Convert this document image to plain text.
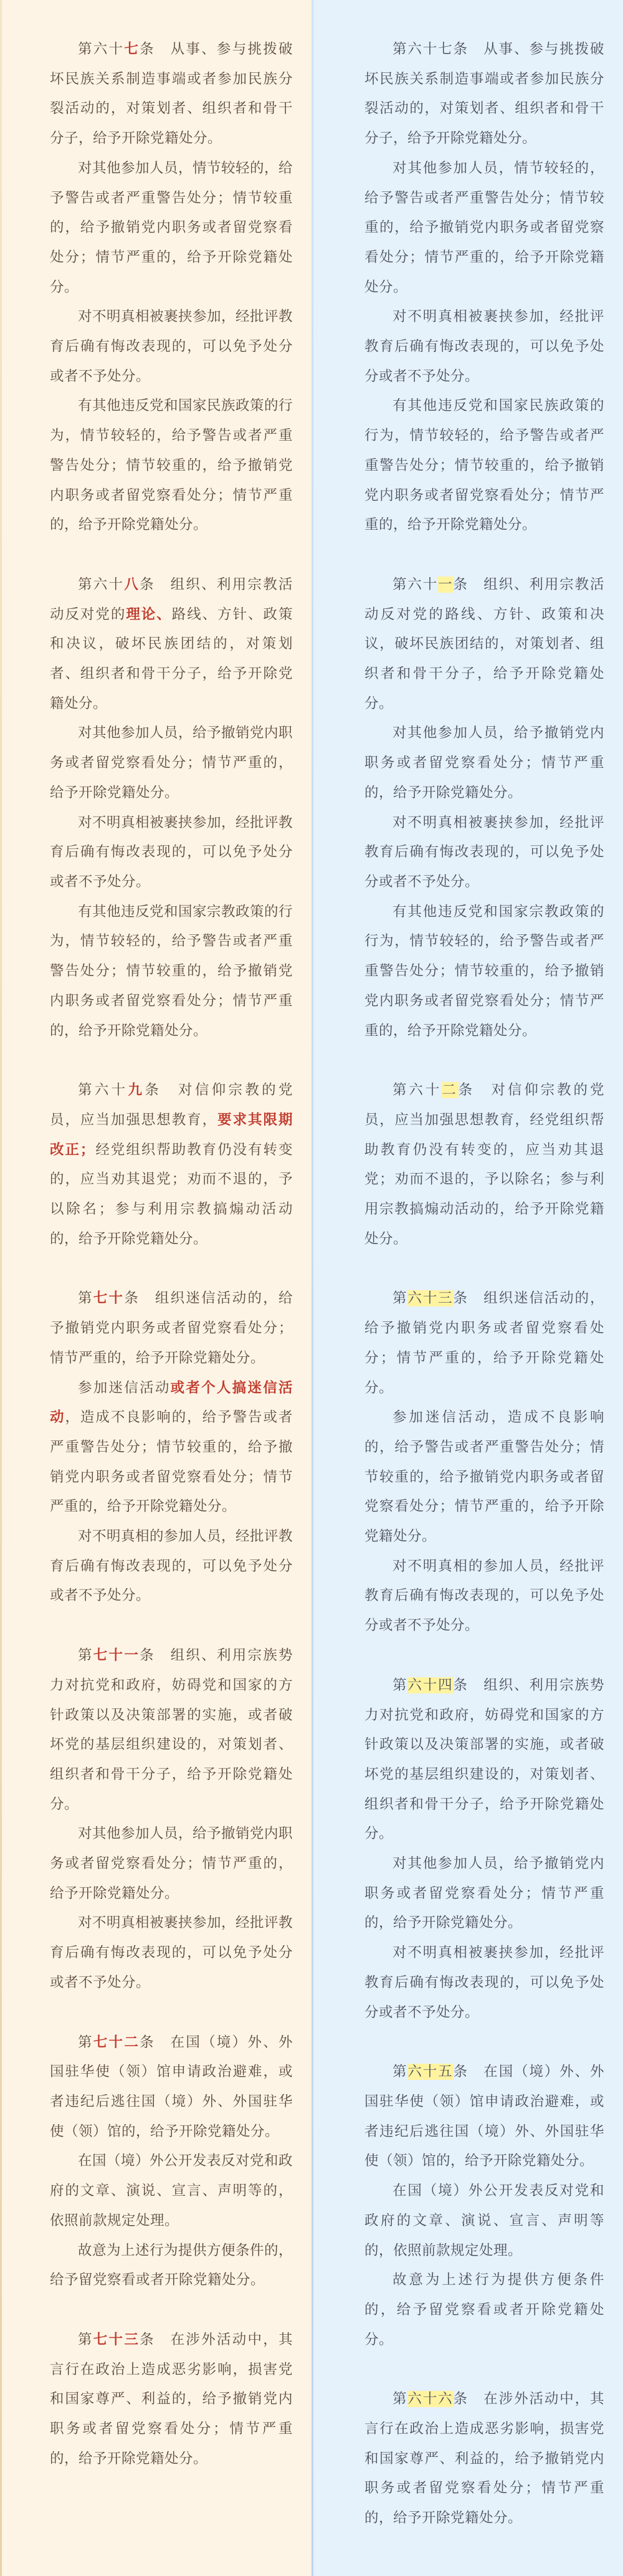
第六十七条　从事、参与挑拨破坏民族关系制造事端或者参加民族分裂活动的，对策划者、组织者和骨干分子，给予开除党籍处分。

对其他参加人员，情节较轻的，给予警告或者严重警告处分；情节较重的，给予撤销党内职务或者留党察看处分；情节严重的，给予开除党籍处分。

对不明真相被裹挟参加，经批评教育后确有悔改表现的，可以免予处分或者不予处分。

有其他违反党和国家民族政策的行为，情节较轻的，给予警告或者严重警告处分；情节较重的，给予撤销党内职务或者留党察看处分；情节严重的，给予开除党籍处分。

第六十八条　组织、利用宗教活动反对党的理论、路线、方针、政策和决议，破坏民族团结的，对策划者、组织者和骨干分子，给予开除党籍处分。

对其他参加人员，给予撤销党内职务或者留党察看处分；情节严重的，给予开除党籍处分。

对不明真相被裹挟参加，经批评教育后确有悔改表现的，可以免予处分或者不予处分。

有其他违反党和国家宗教政策的行为，情节较轻的，给予警告或者严重警告处分；情节较重的，给予撤销党内职务或者留党察看处分；情节严重的，给予开除党籍处分。

第六十九条　对信仰宗教的党员，应当加强思想教育，要求其限期改正；经党组织帮助教育仍没有转变的，应当劝其退党；劝而不退的，予以除名；参与利用宗教搞煽动活动的，给予开除党籍处分。

第七十条　组织迷信活动的，给予撤销党内职务或者留党察看处分；情节严重的，给予开除党籍处分。

参加迷信活动或者个人搞迷信活动，造成不良影响的，给予警告或者严重警告处分；情节较重的，给予撤销党内职务或者留党察看处分；情节严重的，给予开除党籍处分。

对不明真相的参加人员，经批评教育后确有悔改表现的，可以免予处分或者不予处分。

第七十一条　组织、利用宗族势力对抗党和政府，妨碍党和国家的方针政策以及决策部署的实施，或者破坏党的基层组织建设的，对策划者、组织者和骨干分子，给予开除党籍处分。

对其他参加人员，给予撤销党内职务或者留党察看处分；情节严重的，给予开除党籍处分。

对不明真相被裹挟参加，经批评教育后确有悔改表现的，可以免予处分或者不予处分。

第七十二条　在国（境）外、外国驻华使（领）馆申请政治避难，或者违纪后逃往国（境）外、外国驻华使（领）馆的，给予开除党籍处分。

在国（境）外公开发表反对党和政府的文章、演说、宣言、声明等的，依照前款规定处理。

故意为上述行为提供方便条件的，给予留党察看或者开除党籍处分。

第七十三条　在涉外活动中，其言行在政治上造成恶劣影响，损害党和国家尊严、利益的，给予撤销党内职务或者留党察看处分；情节严重的，给予开除党籍处分。

第六十七条　从事、参与挑拨破坏民族关系制造事端或者参加民族分裂活动的，对策划者、组织者和骨干分子，给予开除党籍处分。

对其他参加人员，情节较轻的，给予警告或者严重警告处分；情节较重的，给予撤销党内职务或者留党察看处分；情节严重的，给予开除党籍处分。

对不明真相被裹挟参加，经批评教育后确有悔改表现的，可以免予处分或者不予处分。

有其他违反党和国家民族政策的行为，情节较轻的，给予警告或者严重警告处分；情节较重的，给予撤销党内职务或者留党察看处分；情节严重的，给予开除党籍处分。

第六十一条　组织、利用宗教活动反对党的路线、方针、政策和决议，破坏民族团结的，对策划者、组织者和骨干分子，给予开除党籍处分。

对其他参加人员，给予撤销党内职务或者留党察看处分；情节严重的，给予开除党籍处分。

对不明真相被裹挟参加，经批评教育后确有悔改表现的，可以免予处分或者不予处分。

有其他违反党和国家宗教政策的行为，情节较轻的，给予警告或者严重警告处分；情节较重的，给予撤销党内职务或者留党察看处分；情节严重的，给予开除党籍处分。

第六十二条　对信仰宗教的党员，应当加强思想教育，经党组织帮助教育仍没有转变的，应当劝其退党；劝而不退的，予以除名；参与利用宗教搞煽动活动的，给予开除党籍处分。

第六十三条　组织迷信活动的，给予撤销党内职务或者留党察看处分；情节严重的，给予开除党籍处分。

参加迷信活动，造成不良影响的，给予警告或者严重警告处分；情节较重的，给予撤销党内职务或者留党察看处分；情节严重的，给予开除党籍处分。

对不明真相的参加人员，经批评教育后确有悔改表现的，可以免予处分或者不予处分。

第六十四条　组织、利用宗族势力对抗党和政府，妨碍党和国家的方针政策以及决策部署的实施，或者破坏党的基层组织建设的，对策划者、组织者和骨干分子，给予开除党籍处分。

对其他参加人员，给予撤销党内职务或者留党察看处分；情节严重的，给予开除党籍处分。

对不明真相被裹挟参加，经批评教育后确有悔改表现的，可以免予处分或者不予处分。

第六十五条　在国（境）外、外国驻华使（领）馆申请政治避难，或者违纪后逃往国（境）外、外国驻华使（领）馆的，给予开除党籍处分。

在国（境）外公开发表反对党和政府的文章、演说、宣言、声明等的，依照前款规定处理。

故意为上述行为提供方便条件的，给予留党察看或者开除党籍处分。

第六十六条　在涉外活动中，其言行在政治上造成恶劣影响，损害党和国家尊严、利益的，给予撤销党内职务或者留党察看处分；情节严重的，给予开除党籍处分。
